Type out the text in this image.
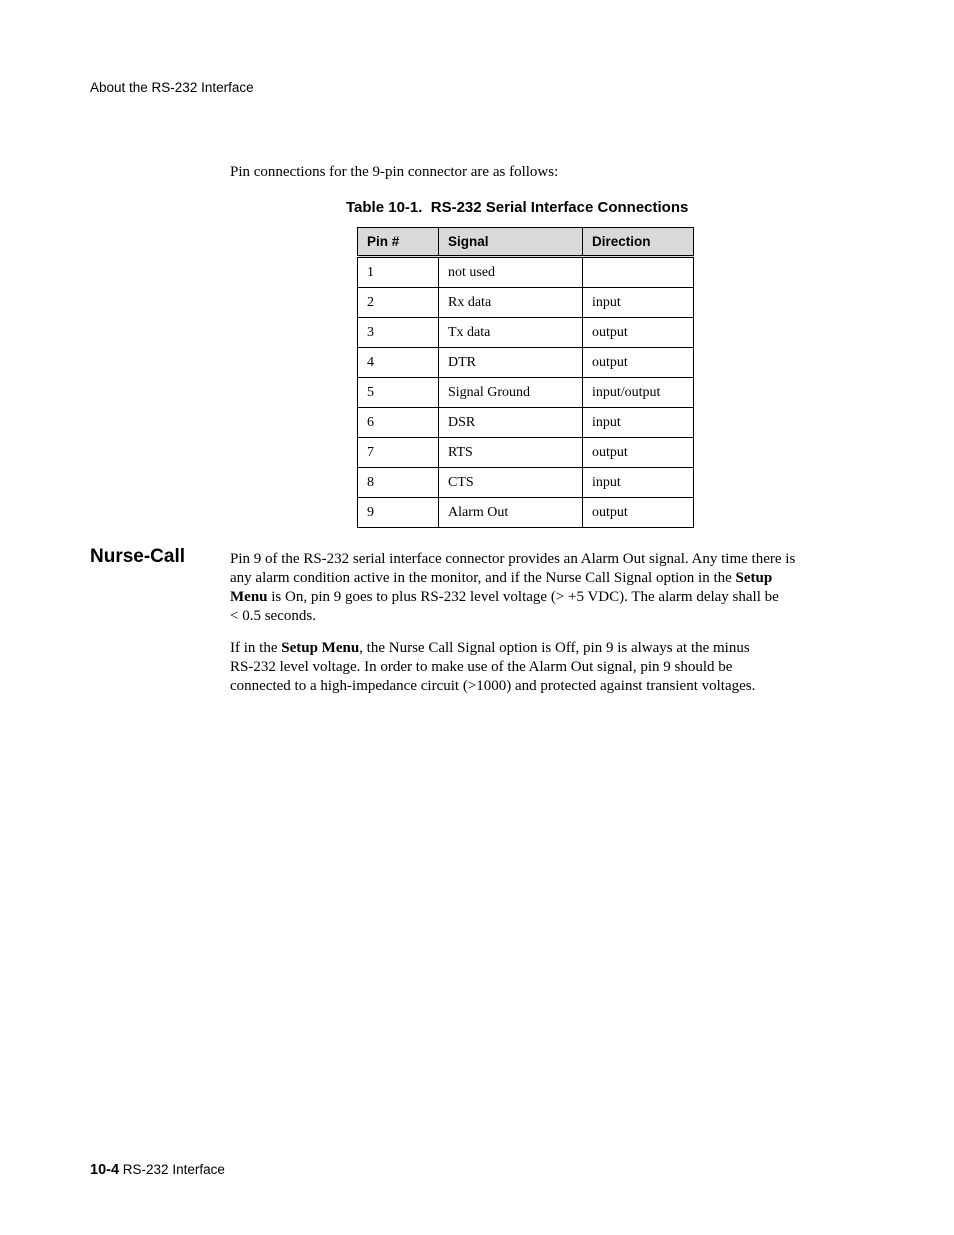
About the RS-232 Interface
Pin connections for the 9-pin connector are as follows:
Table 10-1.  RS-232 Serial Interface Connections
Pin #	Signal	Direction
1	not used	
2	Rx data	input
3	Tx data	output
4	DTR	output
5	Signal Ground	input/output
6	DSR	input
7	RTS	output
8	CTS	input
9	Alarm Out	output
Nurse-Call	Pin 9 of the RS-232 serial interface connector provides an Alarm Out signal. Any time there is
any alarm condition active in the monitor, and if the Nurse Call Signal option in the Setup
Menu is On, pin 9 goes to plus RS-232 level voltage (> +5 VDC). The alarm delay shall be
< 0.5 seconds.
If in the Setup Menu, the Nurse Call Signal option is Off, pin 9 is always at the minus
RS-232 level voltage. In order to make use of the Alarm Out signal, pin 9 should be
connected to a high-impedance circuit (>1000) and protected against transient voltages.
10-4 RS-232 Interface
